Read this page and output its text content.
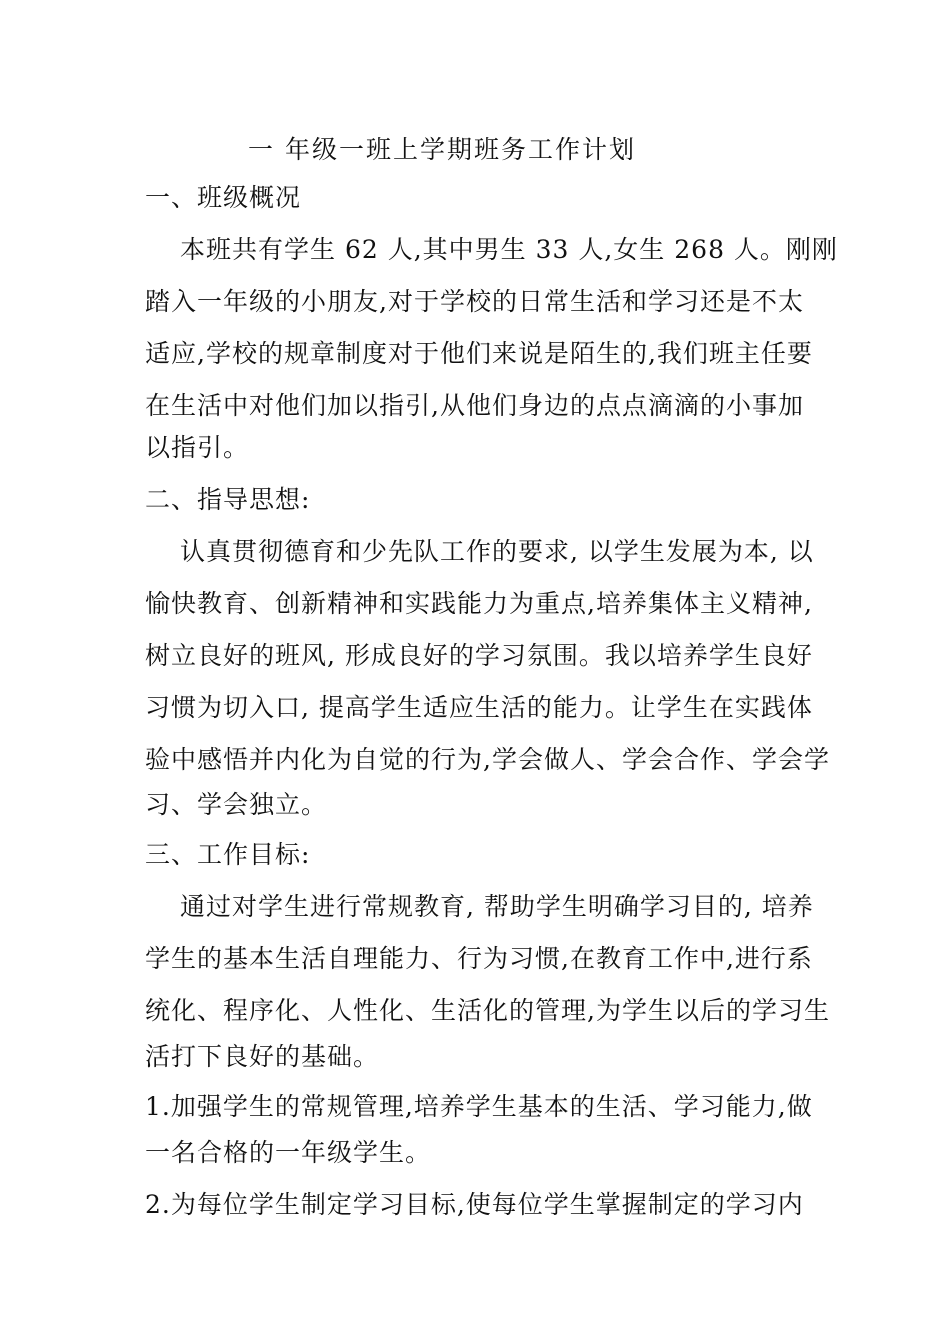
一 年级一班上学期班务工作计划
一、班级概况
本班共有学生 62 人,其中男生 33 人,女生 268 人。刚刚
踏入一年级的小朋友,对于学校的日常生活和学习还是不太
适应,学校的规章制度对于他们来说是陌生的,我们班主任要
在生活中对他们加以指引,从他们身边的点点滴滴的小事加
以指引。
二、指导思想:
认真贯彻德育和少先队工作的要求, 以学生发展为本, 以
愉快教育、创新精神和实践能力为重点,培养集体主义精神,
树立良好的班风, 形成良好的学习氛围。我以培养学生良好
习惯为切入口, 提高学生适应生活的能力。让学生在实践体
验中感悟并内化为自觉的行为,学会做人、学会合作、学会学
习、学会独立。
三、工作目标:
通过对学生进行常规教育, 帮助学生明确学习目的, 培养
学生的基本生活自理能力、行为习惯,在教育工作中,进行系
统化、程序化、人性化、生活化的管理,为学生以后的学习生
活打下良好的基础。
1.加强学生的常规管理,培养学生基本的生活、学习能力,做
一名合格的一年级学生。
2.为每位学生制定学习目标,使每位学生掌握制定的学习内
